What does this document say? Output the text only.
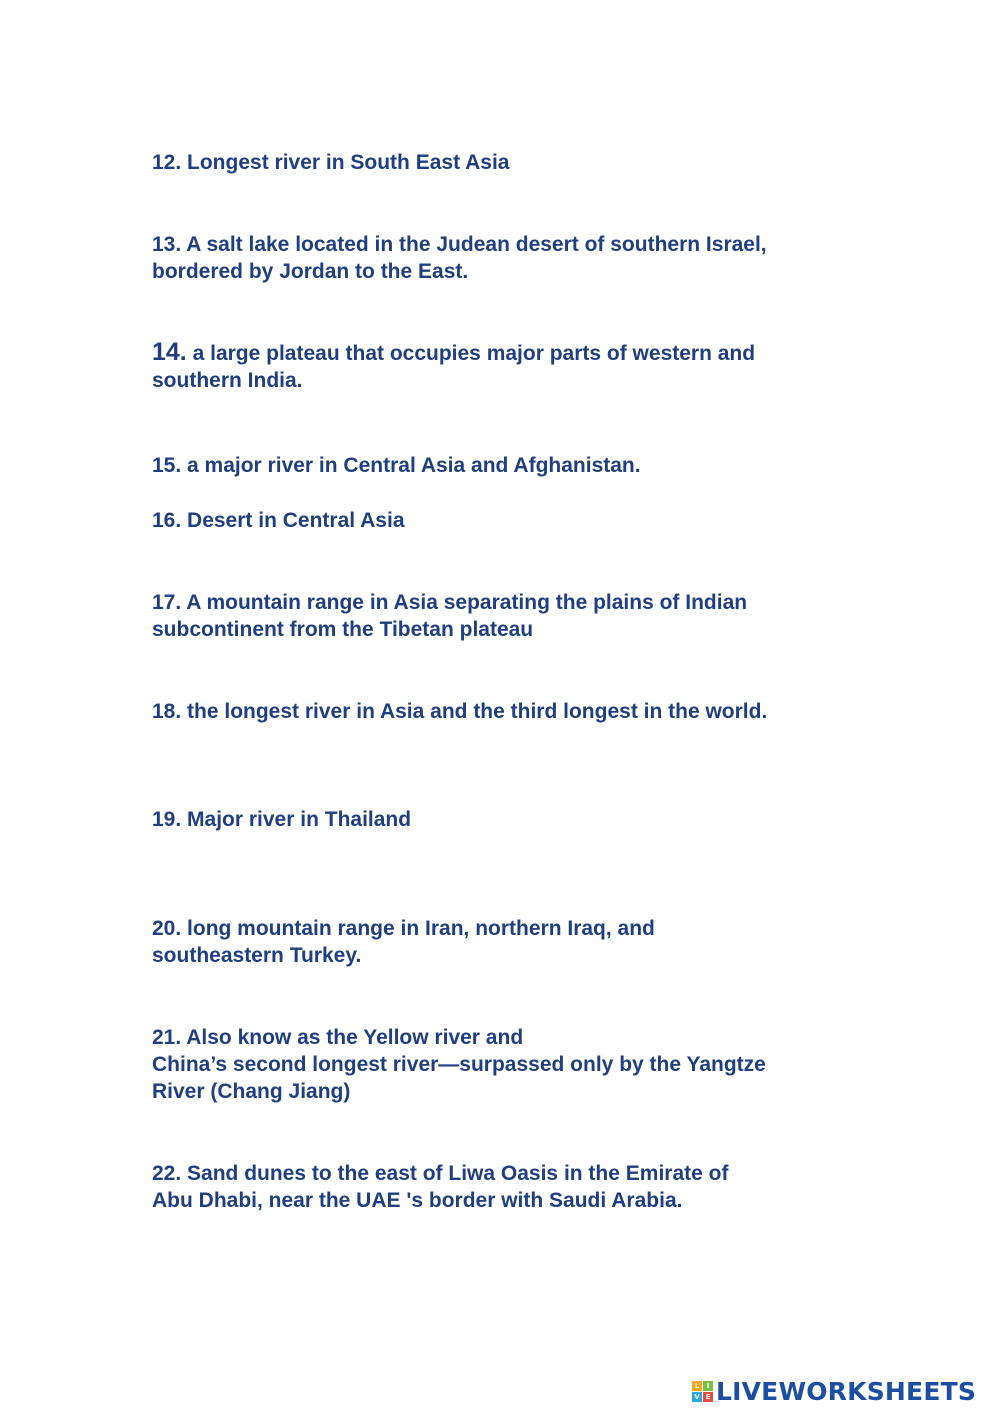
12. Longest river in South East Asia

13. A salt lake located in the Judean desert of southern Israel,
bordered by Jordan to the East.

14. a large plateau that occupies major parts of western and
southern India.

15. a major river in Central Asia and Afghanistan.

16. Desert in Central Asia

17. A mountain range in Asia separating the plains of Indian
subcontinent from the Tibetan plateau

18. the longest river in Asia and the third longest in the world.

19. Major river in Thailand

20. long mountain range in Iran, northern Iraq, and
southeastern Turkey.

21. Also know as the Yellow river and
China’s second longest river—surpassed only by the Yangtze
River (Chang Jiang)

22. Sand dunes to the east of Liwa Oasis in the Emirate of
Abu Dhabi, near the UAE 's border with Saudi Arabia.

L	I
V E LIVEWORKSHEETS
